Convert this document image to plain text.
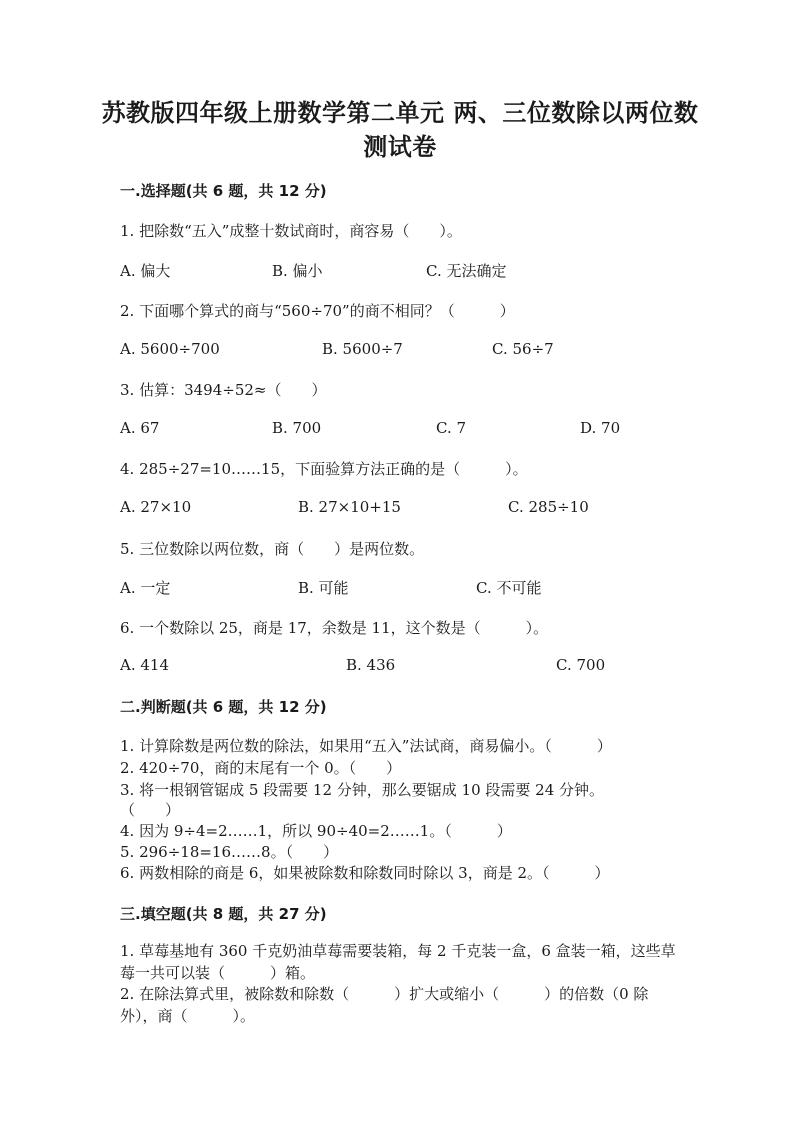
苏教版四年级上册数学第二单元 两、三位数除以两位数 测试卷
一.选择题(共 6 题，共 12 分)
1. 把除数“五入”成整十数试商时，商容易（　　）。
A. 偏大	B. 偏小	C. 无法确定
2. 下面哪个算式的商与“560÷70”的商不相同？（　　　）
A. 5600÷700	B. 5600÷7	C. 56÷7
3. 估算：3494÷52≈（　　）
A. 67	B. 700	C. 7	D. 70
4. 285÷27=10……15，下面验算方法正确的是（　　　）。
A. 27×10	B. 27×10+15	C. 285÷10
5. 三位数除以两位数，商（　　）是两位数。
A. 一定	B. 可能	C. 不可能
6. 一个数除以 25，商是 17，余数是 11，这个数是（　　　）。
A. 414	B. 436	C. 700
二.判断题(共 6 题，共 12 分)
1. 计算除数是两位数的除法，如果用“五入”法试商，商易偏小。（　　　）
2. 420÷70，商的末尾有一个 0。（　　）
3. 将一根钢管锯成 5 段需要 12 分钟，那么要锯成 10 段需要 24 分钟。
（　　）
4. 因为 9÷4=2……1，所以 90÷40=2……1。（　　　）
5. 296÷18=16……8。（　　）
6. 两数相除的商是 6，如果被除数和除数同时除以 3，商是 2。（　　　）
三.填空题(共 8 题，共 27 分)
1. 草莓基地有 360 千克奶油草莓需要装箱，每 2 千克装一盒，6 盒装一箱，这些草莓一共可以装（　　　）箱。
2. 在除法算式里，被除数和除数（　　　）扩大或缩小（　　　）的倍数（0 除外），商（　　　）。
